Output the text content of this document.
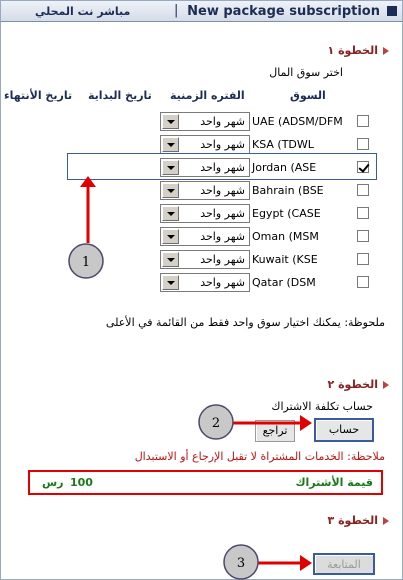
مباشر نت المحلي	| New package subscription
الخطوة ١
اختر سوق المال
السوق
الفتره الزمنية
تاريخ البداية
تاريخ الأنتهاء
UAE (ADSM/DFM
شهر واحد
KSA (TDWL
شهر واحد
Jordan (ASE
شهر واحد
Bahrain (BSE
شهر واحد
Egypt (CASE
شهر واحد
Oman (MSM
شهر واحد
Kuwait (KSE
شهر واحد
Qatar (DSM
شهر واحد
ملحوظة: يمكنك اختيار سوق واحد فقط من القائمة في الأعلى
الخطوة ٢
حساب تكلفة الاشتراك
حساب
تراجع
ملاحظة: الخدمات المشتراة لا تقبل الإرجاع أو الاستبدال
قيمة الأشتراك
100
رس
الخطوة ٣
المتابعة
1
2
3
